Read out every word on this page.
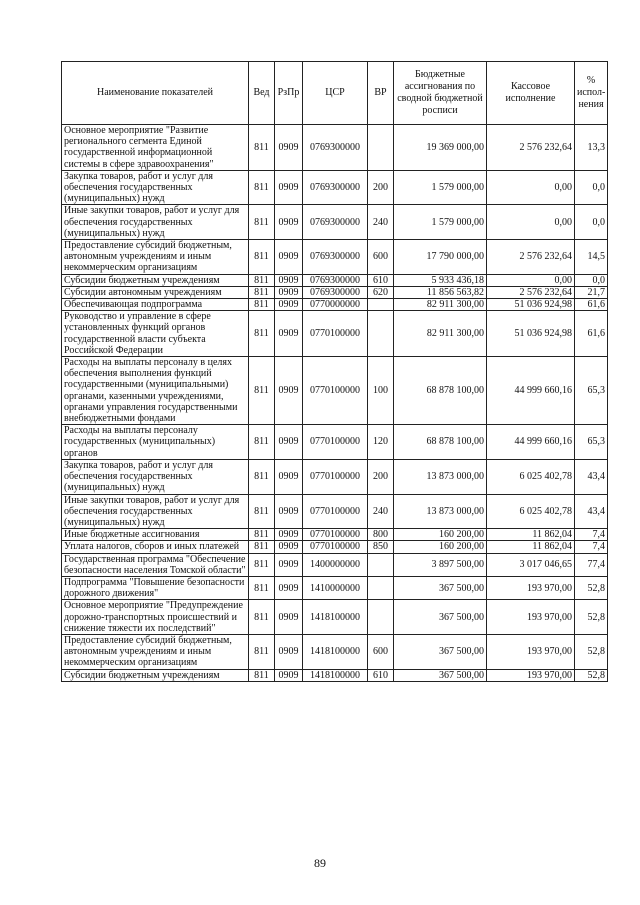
Наименование показателей	Вед	РзПр	ЦСР	ВР	Бюджетные ассигнования по сводной бюджетной росписи	Кассовое исполнение	% испол-нения
Основное мероприятие "Развитие регионального сегмента Единой государственной информационной системы в сфере здравоохранения"	811	0909	0769300000		19 369 000,00	2 576 232,64	13,3
Закупка товаров, работ и услуг для обеспечения государственных (муниципальных) нужд	811	0909	0769300000	200	1 579 000,00	0,00	0,0
Иные закупки товаров, работ и услуг для обеспечения государственных (муниципальных) нужд	811	0909	0769300000	240	1 579 000,00	0,00	0,0
Предоставление субсидий бюджетным, автономным учреждениям и иным некоммерческим организациям	811	0909	0769300000	600	17 790 000,00	2 576 232,64	14,5
Субсидии бюджетным учреждениям	811	0909	0769300000	610	5 933 436,18	0,00	0,0
Субсидии автономным учреждениям	811	0909	0769300000	620	11 856 563,82	2 576 232,64	21,7
Обеспечивающая подпрограмма	811	0909	0770000000		82 911 300,00	51 036 924,98	61,6
Руководство и управление в сфере установленных функций органов государственной власти субъекта Российской Федерации	811	0909	0770100000		82 911 300,00	51 036 924,98	61,6
Расходы на выплаты персоналу в целях обеспечения выполнения функций государственными (муниципальными) органами, казенными учреждениями, органами управления государственными внебюджетными фондами	811	0909	0770100000	100	68 878 100,00	44 999 660,16	65,3
Расходы на выплаты персоналу государственных (муниципальных) органов	811	0909	0770100000	120	68 878 100,00	44 999 660,16	65,3
Закупка товаров, работ и услуг для обеспечения государственных (муниципальных) нужд	811	0909	0770100000	200	13 873 000,00	6 025 402,78	43,4
Иные закупки товаров, работ и услуг для обеспечения государственных (муниципальных) нужд	811	0909	0770100000	240	13 873 000,00	6 025 402,78	43,4
Иные бюджетные ассигнования	811	0909	0770100000	800	160 200,00	11 862,04	7,4
Уплата налогов, сборов и иных платежей	811	0909	0770100000	850	160 200,00	11 862,04	7,4
Государственная программа "Обеспечение безопасности населения Томской области"	811	0909	1400000000		3 897 500,00	3 017 046,65	77,4
Подпрограмма "Повышение безопасности дорожного движения"	811	0909	1410000000		367 500,00	193 970,00	52,8
Основное мероприятие "Предупреждение дорожно-транспортных происшествий и снижение тяжести их последствий"	811	0909	1418100000		367 500,00	193 970,00	52,8
Предоставление субсидий бюджетным, автономным учреждениям и иным некоммерческим организациям	811	0909	1418100000	600	367 500,00	193 970,00	52,8
Субсидии бюджетным учреждениям	811	0909	1418100000	610	367 500,00	193 970,00	52,8
89
